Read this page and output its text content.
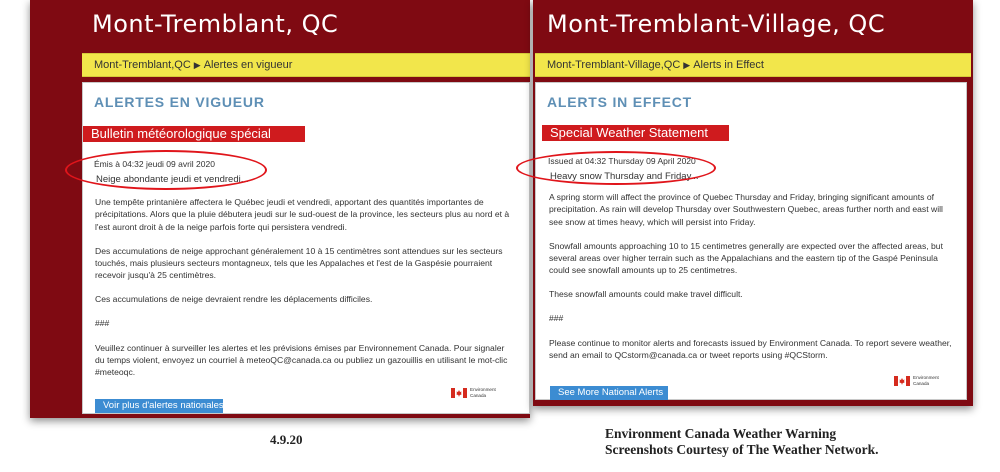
Mont-Tremblant, QC
Mont-Tremblant,QC ▶ Alertes en vigueur
ALERTES EN VIGUEUR
Bulletin météorologique spécial
Émis à 04:32 jeudi 09 avril 2020
Neige abondante jeudi et vendredi...

Une tempête printanière affectera le Québec jeudi et vendredi, apportant des quantités importantes de précipitations. Alors que la pluie débutera jeudi sur le sud-ouest de la province, les secteurs plus au nord et à l'est auront droit à de la neige parfois forte qui persistera vendredi.

Des accumulations de neige approchant généralement 10 à 15 centimètres sont attendues sur les secteurs touchés, mais plusieurs secteurs montagneux, tels que les Appalaches et l'est de la Gaspésie pourraient recevoir jusqu'à 25 centimètres.

Ces accumulations de neige devraient rendre les déplacements difficiles.

###

Veuillez continuer à surveiller les alertes et les prévisions émises par Environnement Canada. Pour signaler du temps violent, envoyez un courriel à meteoQC@canada.ca ou publiez un gazouillis en utilisant le mot-clic #meteoqc.

Environment
Canada
Voir plus d'alertes nationales
Mont-Tremblant-Village, QC
Mont-Tremblant-Village,QC ▶ Alerts in Effect
ALERTS IN EFFECT
Special Weather Statement
Issued at 04:32 Thursday 09 April 2020
Heavy snow Thursday and Friday...

A spring storm will affect the province of Quebec Thursday and Friday, bringing significant amounts of precipitation. As rain will develop Thursday over Southwestern Quebec, areas further north and east will see snow at times heavy, which will persist into Friday.

Snowfall amounts approaching 10 to 15 centimetres generally are expected over the affected areas, but several areas over higher terrain such as the Appalachians and the eastern tip of the Gaspé Peninsula could see snowfall amounts up to 25 centimetres.

These snowfall amounts could make travel difficult.

###

Please continue to monitor alerts and forecasts issued by Environment Canada. To report severe weather, send an email to QCstorm@canada.ca or tweet reports using #QCStorm.

Environment
Canada
See More National Alerts
4.9.20	Environment Canada Weather Warning
Screenshots Courtesy of The Weather Network.
